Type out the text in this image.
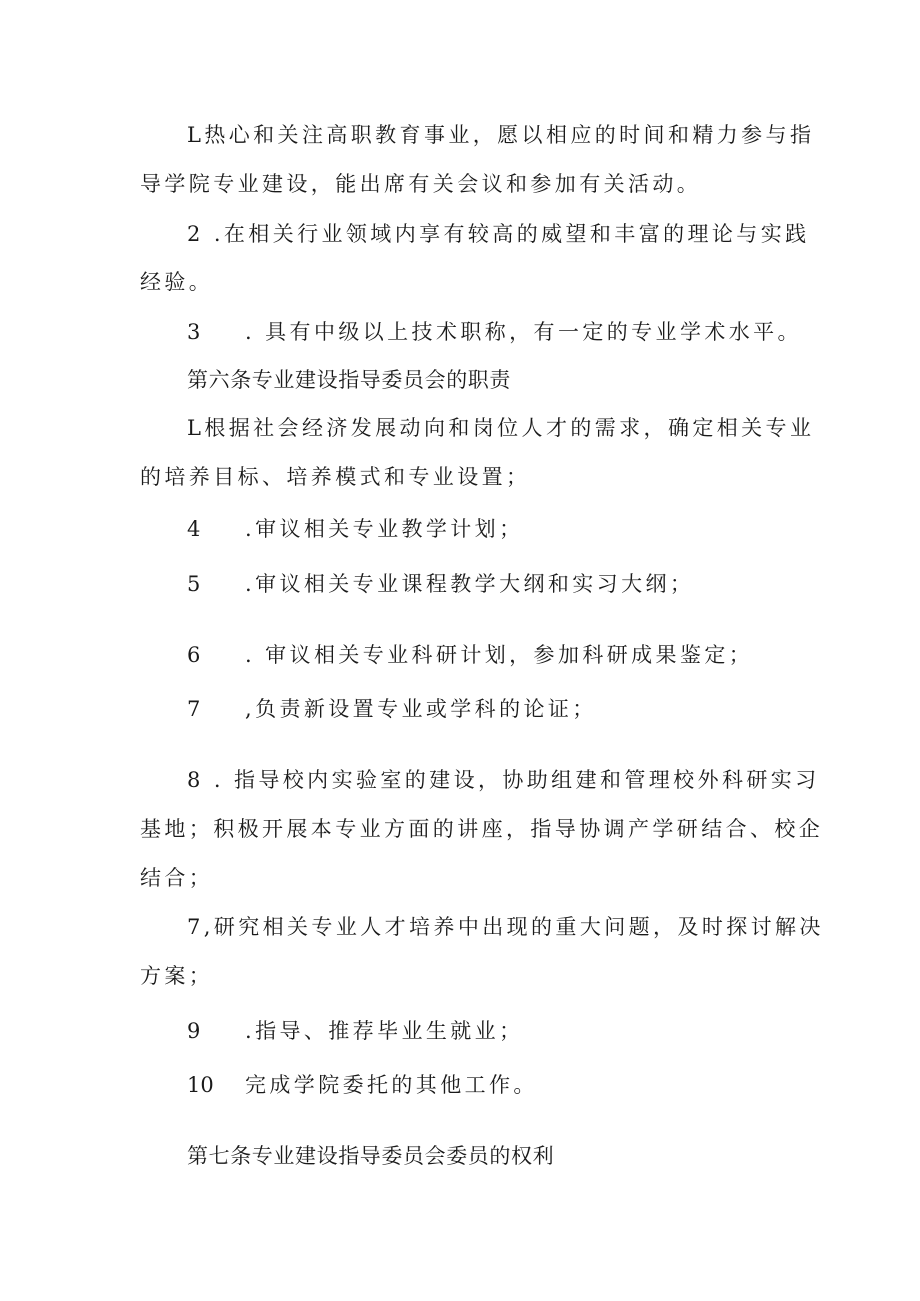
L热心和关注高职教育事业，愿以相应的时间和精力参与指
导学院专业建设，能出席有关会议和参加有关活动。
2 .在相关行业领域内享有较高的威望和丰富的理论与实践
经验。
3 . 具有中级以上技术职称，有一定的专业学术水平。
第六条专业建设指导委员会的职责
L根据社会经济发展动向和岗位人才的需求，确定相关专业
的培养目标、培养模式和专业设置；
4 .审议相关专业教学计划；
5 .审议相关专业课程教学大纲和实习大纲；
6 . 审议相关专业科研计划，参加科研成果鉴定；
7 ,负责新设置专业或学科的论证；
8 . 指导校内实验室的建设，协助组建和管理校外科研实习
基地；积极开展本专业方面的讲座，指导协调产学研结合、校企
结合；
7,研究相关专业人才培养中出现的重大问题，及时探讨解决
方案；
9 .指导、推荐毕业生就业；
10 完成学院委托的其他工作。
第七条专业建设指导委员会委员的权利
